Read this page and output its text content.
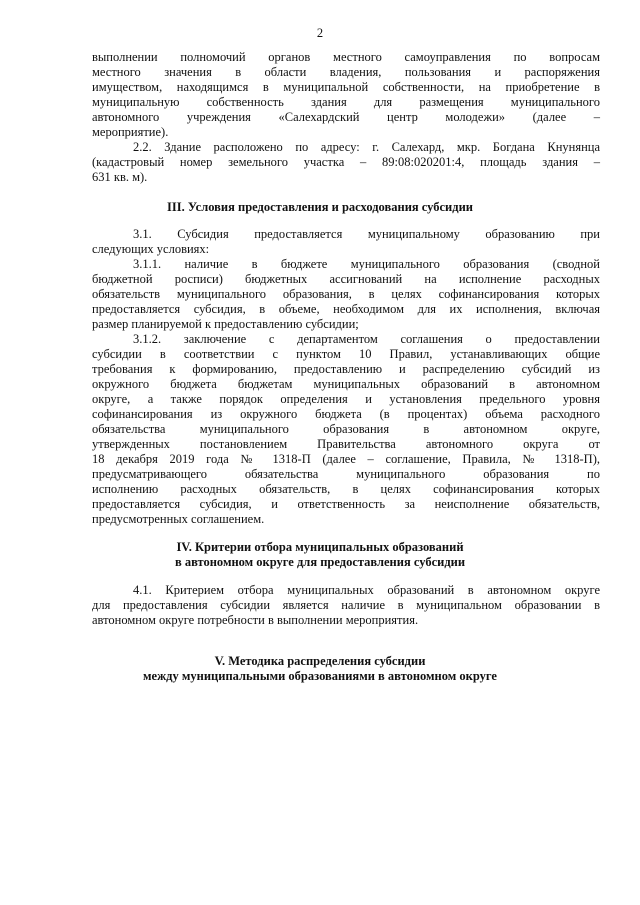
2
выполнении полномочий органов местного самоуправления по вопросам
местного значения в области владения, пользования и распоряжения
имуществом, находящимся в муниципальной собственности, на приобретение в
муниципальную собственность здания для размещения муниципального
автономного учреждения «Салехардский центр молодежи» (далее –
мероприятие).
2.2. Здание расположено по адресу: г. Салехард, мкр. Богдана Кнунянца
(кадастровый номер земельного участка – 89:08:020201:4, площадь здания –
631 кв. м).
III. Условия предоставления и расходования субсидии
3.1. Субсидия предоставляется муниципальному образованию при
следующих условиях:
3.1.1. наличие в бюджете муниципального образования (сводной
бюджетной росписи) бюджетных ассигнований на исполнение расходных
обязательств муниципального образования, в целях софинансирования которых
предоставляется субсидия, в объеме, необходимом для их исполнения, включая
размер планируемой к предоставлению субсидии;
3.1.2. заключение с департаментом соглашения о предоставлении
субсидии в соответствии с пунктом 10 Правил, устанавливающих общие
требования к формированию, предоставлению и распределению субсидий из
окружного бюджета бюджетам муниципальных образований в автономном
округе, а также порядок определения и установления предельного уровня
софинансирования из окружного бюджета (в процентах) объема расходного
обязательства муниципального образования в автономном округе,
утвержденных постановлением Правительства автономного округа от
18 декабря 2019 года № 1318-П (далее – соглашение, Правила, № 1318-П),
предусматривающего обязательства муниципального образования по
исполнению расходных обязательств, в целях софинансирования которых
предоставляется субсидия, и ответственность за неисполнение обязательств,
предусмотренных соглашением.
IV. Критерии отбора муниципальных образований
в автономном округе для предоставления субсидии
4.1. Критерием отбора муниципальных образований в автономном округе
для предоставления субсидии является наличие в муниципальном образовании в
автономном округе потребности в выполнении мероприятия.
V. Методика распределения субсидии
между муниципальными образованиями в автономном округе
